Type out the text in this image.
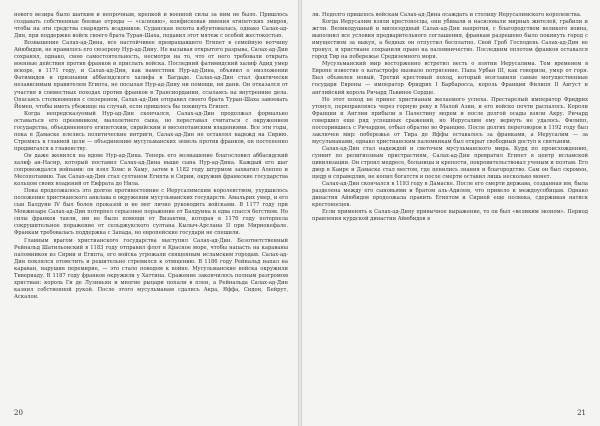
нового везира было шатким и непрочным, крепкой и военной силы за ним не было. Пришлось создавать собственные боевые отряды — «саляхию», конфисковав имения египетских эмиров, чтобы на эти средства снарядить всадников. Суданская пехота взбунтовалась, однако Салах-ад-Дин, при поддержке войск своего брата Туран-Шаха, подавил этот мятеж с особой жестокостью.

Возвышение Салах-ад-Дина, все настойчивее превращавшего Египет в семейную вотчину Айюбидов, не нравилось его сюзерену Нур-ад-Дину. Не вызывая открытого разрыва, Салах-ад-Дин сохранял, однако, свою самостоятельность, несмотря на то, что от него требовали открыть военные действия против франков и прислать войска. Последний фатимидский халиф Адид умер вскоре, в 1171 году, и Салах-ад-Дин, как наместник Нур-ад-Дина, объявил о низложении Фатимидов и признании аббасидского халифа в Багдаде. Салах-ад-Дин стал фактически независимым правителем Египта, не посылая Нур-ад-Дину ни помощи, ни дани. Он отказался от участия в совместных походах против франков в Трансиордании, ссылаясь на внутренние дела. Опасаясь столкновения с сюзереном, Салах-ад-Дин отправил своего брата Туран-Шаха завоевать Йемен, чтобы иметь убежище на случай, если пришлось бы покинуть Египет.

Когда непредсказуемый Нур-ад-Дин скончался, Салах-ад-Дин продолжал формально оставаться его преемником, малолетнего сына, но переставал считаться с окружением государства, объединенного египетским, сирийским и месопотамским владениями. Все эти годы, пока в Дамаске плелись политические интриги, Салах-ад-Дин не оставлял надежд на Сирию. Стремясь к главной цели — объединению мусульманских земель против франков, он постепенно продвигался к главенству.

Он даже женился на вдове Нур-ад-Дина. Теперь его возвышение благословил аббасидский халиф ан-Насир, который поставил Салах-ад-Дина выше сына Нур-ад-Дина. Каждый его шаг сопровождался войнами: он взял Хомс и Хаму, затем в 1182 году штурмом захватил Алеппо и Месопотамию. Так Салах-ад-Дин стал султаном Египта и Сирии, окружив франкские государства кольцом своих владений от Евфрата до Нила.

Пока продолжалось это долгое противостояние с Иерусалимским королевством, ухудшилось положение христианского анклава в окружении мусульманских государств. Амальрих умер, и его сын Балдуин IV был болен проказой и не мог лично руководить войсками. В 1177 году при Монжизаре Салах-ад-Дин потерпел серьезное поражение от Балдуина и едва спасся бегством. Но силы франков таяли, им не было помощи от Византии, которая в 1176 году потерпела сокрушительное поражение от сельджукского султана Кылыч-Арслана II при Мириокефале. Франкам требовалась поддержка с Запада, но европейские государи не спешили.

Главным врагом христианского государства выступил Салах-ад-Дин. Безответственный Рейнальд Шатильонский в 1183 году отправил флот в Красное море, чтобы напасть на караваны паломников из Сирии и Египта, его войска угрожали священным исламским городам. Салах-ад-Дин поклялся отомстить и решительно стремился к отмщению. В 1186 году Рейнальд напал на караван, нарушив перемирие, — это стало поводом к войне. Мусульманские войска окружили Тивериаду. В 1187 году франков окружили у Хаттина. Сражение закончилось полным разгромом христиан: король Ги де Лузиньян и многие рыцари попали в плен, а Рейнальда Салах-ад-Дин казнил собственной рукой. После этого мусульманам сдались Акра, Яффа, Сидон, Бейрут, Аскалон.

20

ли. Недолго пришлось войскам Салах-ад-Дина осаждать и столицу Иерусалимского королевства.

Когда Иерусалим взяли крестоносцы, они убивали и насиловали мирных жителей, грабили и жгли. Великодушный и милосердный Салах-ад-Дин напротив, с благородством великого воина, выполнил все условия предварительного соглашения, франкам разрешено было покинуть город с имуществом за выкуп, а бедных он отпустил бесплатно. Свой Гроб Господень Салах-ад-Дин не тронул, и христиане сохранили право на паломничество. Последним оплотом франков оставался город Тир на побережье Средиземного моря.

Мусульманский мир восторженно встретил весть о взятии Иерусалима. Тем временем в Европе известие о катастрофе вызвало потрясение. Папа Урбан III, как говорили, умер от горя. Был объявлен новый, Третий крестовый поход, который возглавили самые могущественные государи Европы — император Фридрих I Барбаросса, король Франции Филипп II Август и английский король Ричард Львиное Сердце.

Но этот поход не принес христианам желаемого успеха. Престарелый император Фридрих утонул, переправляясь через горную реку в Малой Азии, и его войско почти распалось. Короли Франции и Англии прибыли в Палестину морем и после долгой осады взяли Акру. Ричард совершил еще ряд успешных сражений, но Иерусалим ему вернуть не удалось. Филипп, поссорившись с Ричардом, отбыл обратно во Францию. После долгих переговоров в 1192 году был заключен мир: побережье от Тира до Яффы оставалось за франками, а Иерусалим — за мусульманами, однако христианским паломникам был открыт свободный доступ к святыням.

Салах-ад-Дин стал надеждой и светочем мусульманского мира. Курд по происхождению, суннит по религиозным пристрастиям, Салах-ад-Дин превратил Египет в центр исламской цивилизации. Он строил медресе, больницы и крепости, покровительствовал ученым и поэтам. Его двор в Каире и Дамаске стал местом, где ценились знания и благородство. Сам он был скромен, щедр и справедлив, не копил богатств и после смерти оставил лишь несколько монет.

Салах-ад-Дин скончался в 1193 году в Дамаске. После его смерти держава, созданная им, была разделена между его сыновьями и братом аль-Адилем, что привело к междоусобицам. Однако династия Айюбидов продолжала править Египтом и Сирией еще полвека, сдерживая натиск крестоносцев.

Если применять к Салах-ад-Дину привычное выражение, то он был «великим эконом». Период правления курдской династии Айюбидов в

21
